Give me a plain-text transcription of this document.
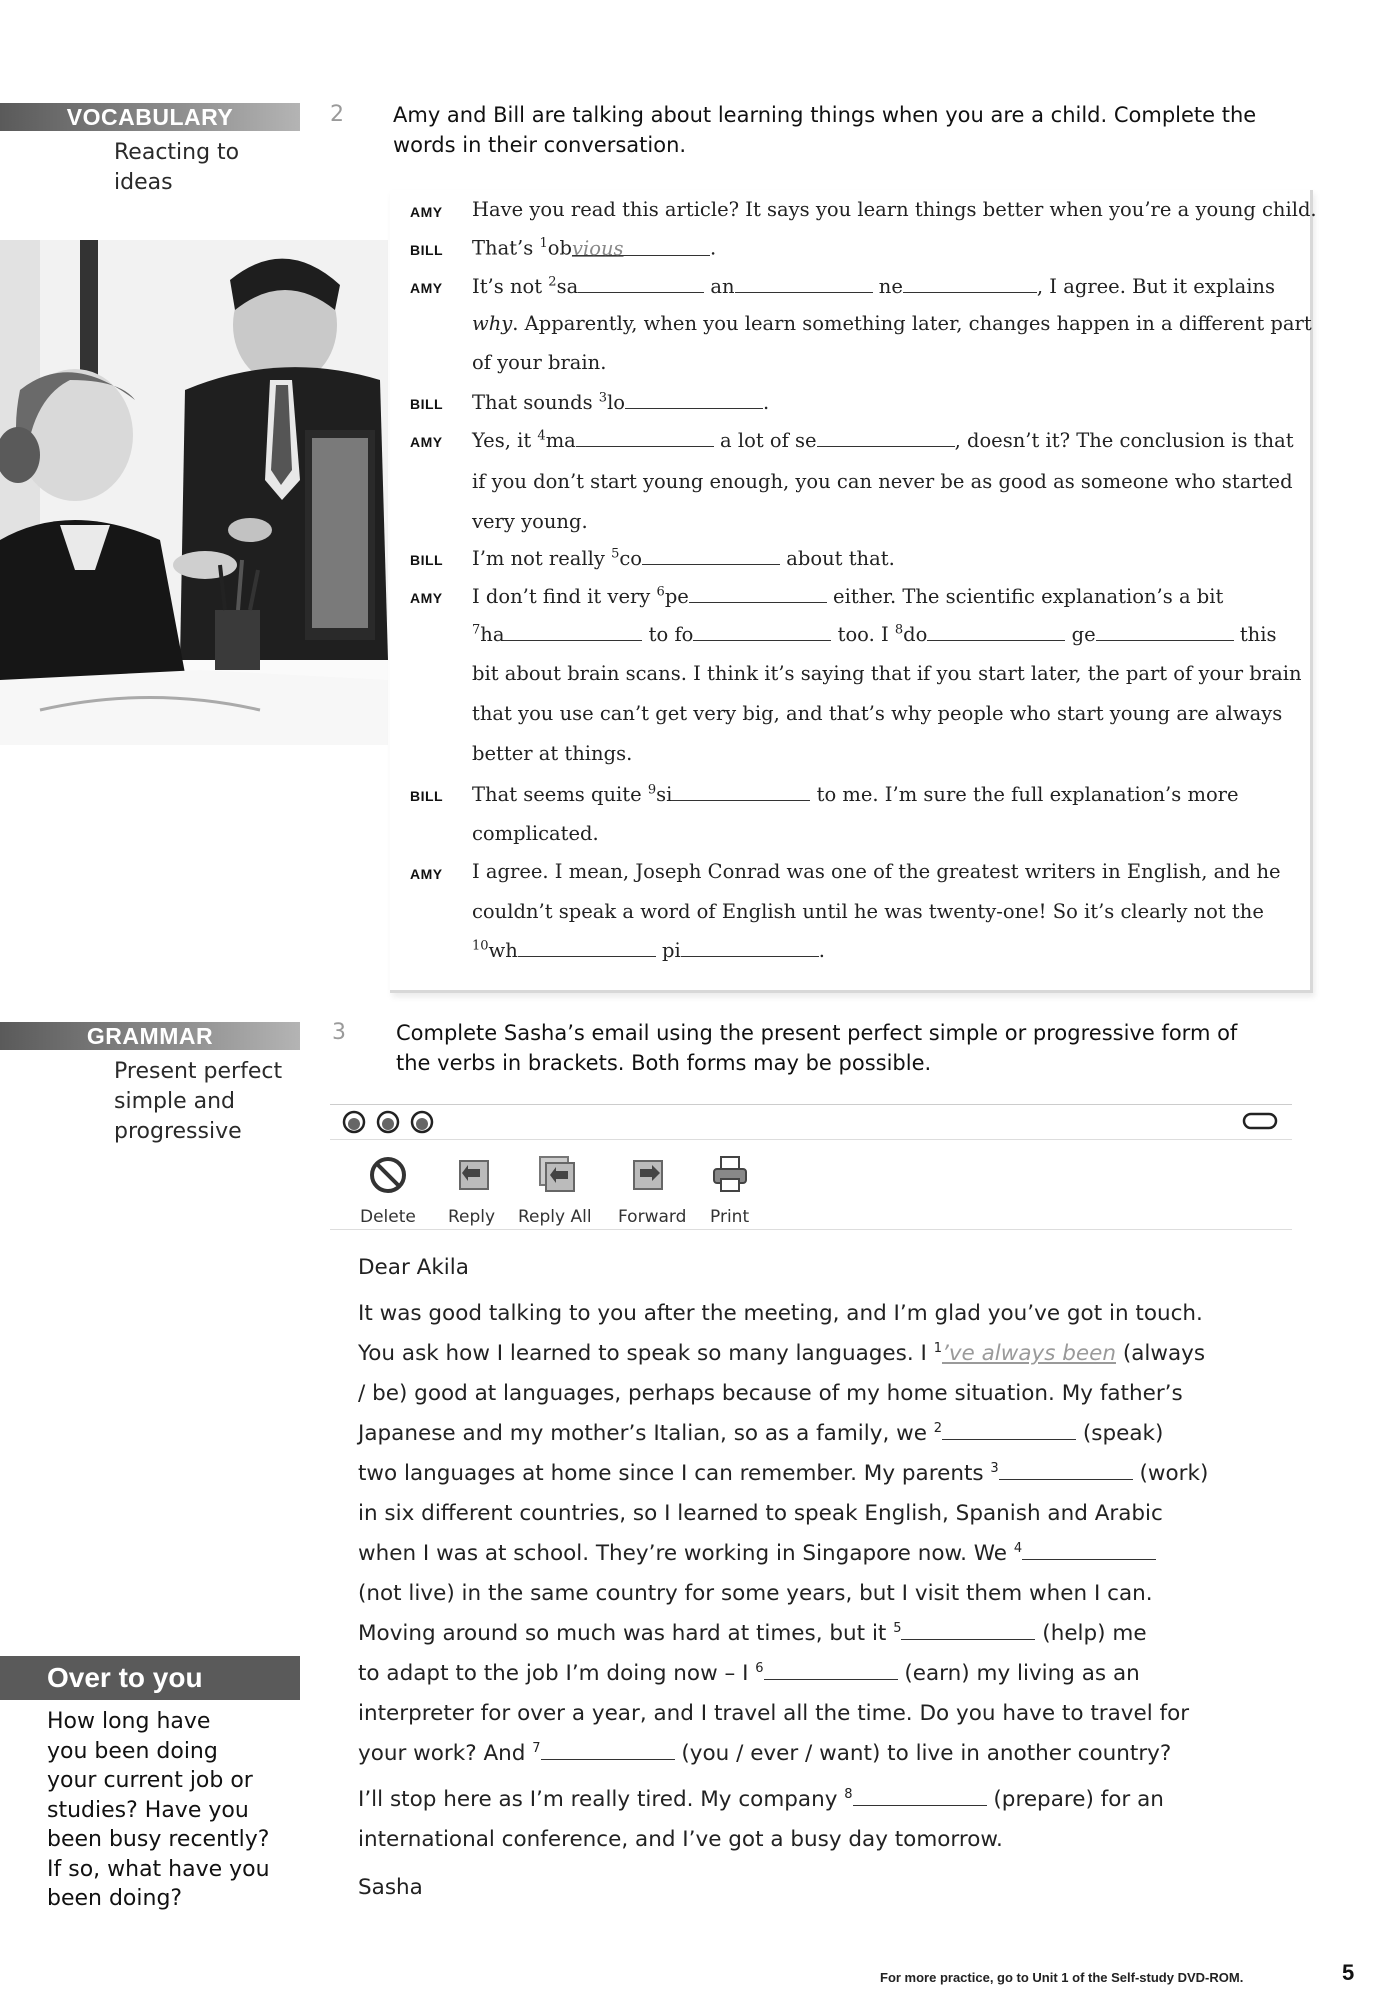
VOCABULARY
Reacting to
ideas
2 Amy and Bill are talking about learning things when you are a child. Complete the
words in their conversation.
AMY	Have you read this article? It says you learn things better when you’re a young child.
BILL	That’s $^1$obvious	.
AMY	It’s not $^2$sa	an	ne	, I agree. But it explains
why. Apparently, when you learn something later, changes happen in a different part
of your brain.
BILL	That sounds $^3$lo	.
AMY	Yes, it $^4$ma	a lot of se	, doesn’t it? The conclusion is that
if you don’t start young enough, you can never be as good as someone who started
very young.
BILL	I’m not really $^5$co	about that.
AMY	I don’t find it very $^6$pe	either. The scientific explanation’s a bit
$^7$ha	to fo	too. I $^8$do	ge	this
bit about brain scans. I think it’s saying that if you start later, the part of your brain
that you use can’t get very big, and that’s why people who start young are always
better at things.
BILL	That seems quite $^9$si	to me. I’m sure the full explanation’s more
complicated.
AMY	I agree. I mean, Joseph Conrad was one of the greatest writers in English, and he
couldn’t speak a word of English until he was twenty-one! So it’s clearly not the
$^{10}$wh	pi	.
GRAMMAR
Present perfect
simple and
progressive
3 Complete Sasha’s email using the present perfect simple or progressive form of
the verbs in brackets. Both forms may be possible.
Delete Reply Reply All Forward Print
Dear Akila
It was good talking to you after the meeting, and I’m glad you’ve got in touch.
You ask how I learned to speak so many languages. I $^1$’ve always been (always
/ be) good at languages, perhaps because of my home situation. My father’s
Japanese and my mother’s Italian, so as a family, we $^2$	(speak)
two languages at home since I can remember. My parents $^3$	(work)
in six different countries, so I learned to speak English, Spanish and Arabic
when I was at school. They’re working in Singapore now. We $^4$
(not live) in the same country for some years, but I visit them when I can.
Moving around so much was hard at times, but it $^5$	(help) me
to adapt to the job I’m doing now – I $^6$	(earn) my living as an
interpreter for over a year, and I travel all the time. Do you have to travel for
your work? And $^7$	(you / ever / want) to live in another country?
I’ll stop here as I’m really tired. My company $^8$	(prepare) for an
international conference, and I’ve got a busy day tomorrow.
Sasha
Over to you
How long have
you been doing
your current job or
studies? Have you
been busy recently?
If so, what have you
been doing?
For more practice, go to Unit 1 of the Self-study DVD-ROM.	5
